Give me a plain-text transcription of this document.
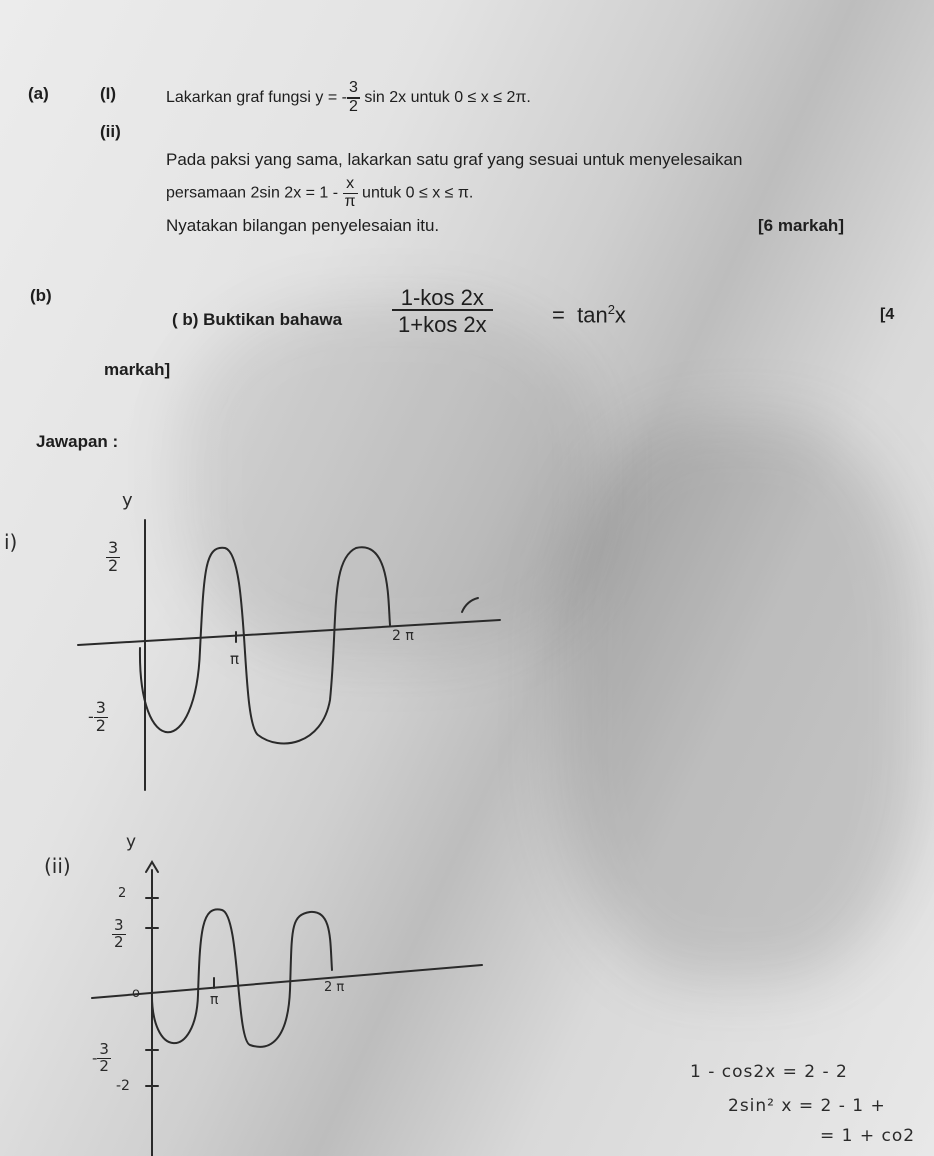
(a)	(I)	Lakarkan graf fungsi y = - $\frac{3}{2}$ sin 2x untuk 0 ≤ x ≤ 2π.
(ii)
Pada paksi yang sama, lakarkan satu graf yang sesuai untuk menyelesaikan
persamaan 2sin $2x = 1 - \frac{x}{\pi}$ untuk 0 ≤ x ≤ π.
Nyatakan bilangan penyelesaian itu.	[6 markah]
(b)
( b) Buktikan bahawa $\frac{\text{1-kos 2x}}{\text{1+kos 2x}}$	= $\tan^2x$	[4
markah]
Jawapan :
y
i)	$\frac{3}{2}$
- $\frac{3}{2}$
π
2 π
y
(ii)
2
$\frac{3}{2}$
o	π
2 π
- $\frac{3}{2}$
-2
1 - cos2x = 2 - 2
2sin² x = 2 - 1 +
= 1 + co2
